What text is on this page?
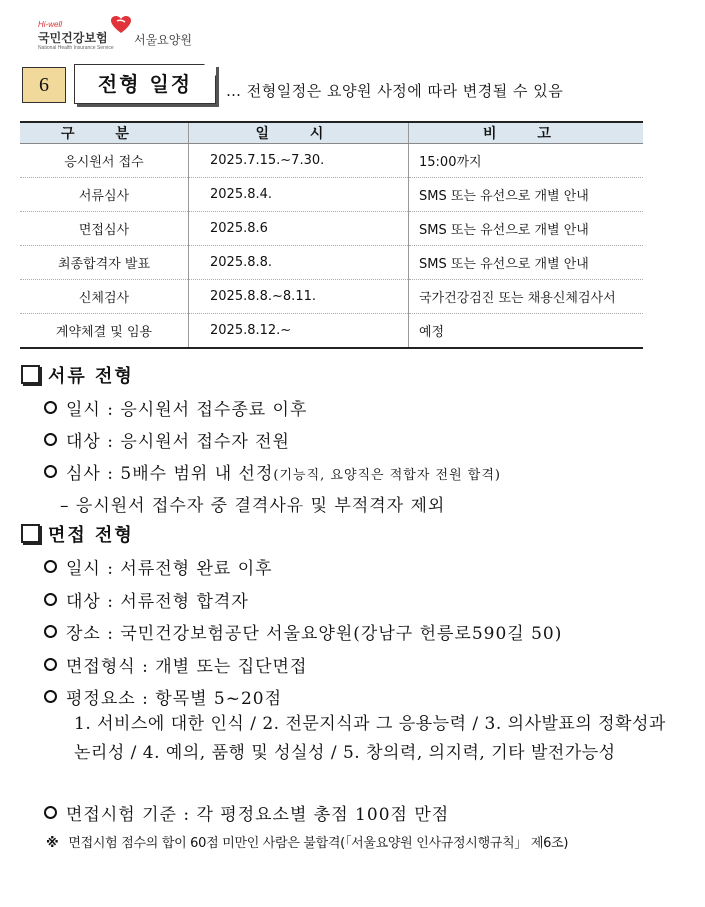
Hi-well
국민건강보험
National Health Insurance Service
서울요양원
6	전형 일정	… 전형일정은 요양원 사정에 따라 변경될 수 있음
구 분	일 시	비 고
응시원서 접수	2025.7.15.~7.30.	15:00까지
서류심사	2025.8.4.	SMS 또는 유선으로 개별 안내
면접심사	2025.8.6	SMS 또는 유선으로 개별 안내
최종합격자 발표	2025.8.8.	SMS 또는 유선으로 개별 안내
신체검사	2025.8.8.~8.11.	국가건강검진 또는 채용신체검사서
계약체결 및 임용	2025.8.12.~	예정
서류 전형
일시 : 응시원서 접수종료 이후
대상 : 응시원서 접수자 전원
심사 : 5배수 범위 내 선정(기능직, 요양직은 적합자 전원 합격)
– 응시원서 접수자 중 결격사유 및 부적격자 제외
면접 전형
일시 : 서류전형 완료 이후
대상 : 서류전형 합격자
장소 : 국민건강보험공단 서울요양원(강남구 헌릉로590길 50)
면접형식 : 개별 또는 집단면접
평정요소 : 항목별 5~20점
1. 서비스에 대한 인식 / 2. 전문지식과 그 응용능력 / 3. 의사발표의 정확성과 논리성 / 4. 예의, 품행 및 성실성 / 5. 창의력, 의지력, 기타 발전가능성
면접시험 기준 : 각 평정요소별 총점 100점 만점
※ 면접시험 점수의 합이 60점 미만인 사람은 불합격(「서울요양원 인사규정시행규칙」 제6조)
